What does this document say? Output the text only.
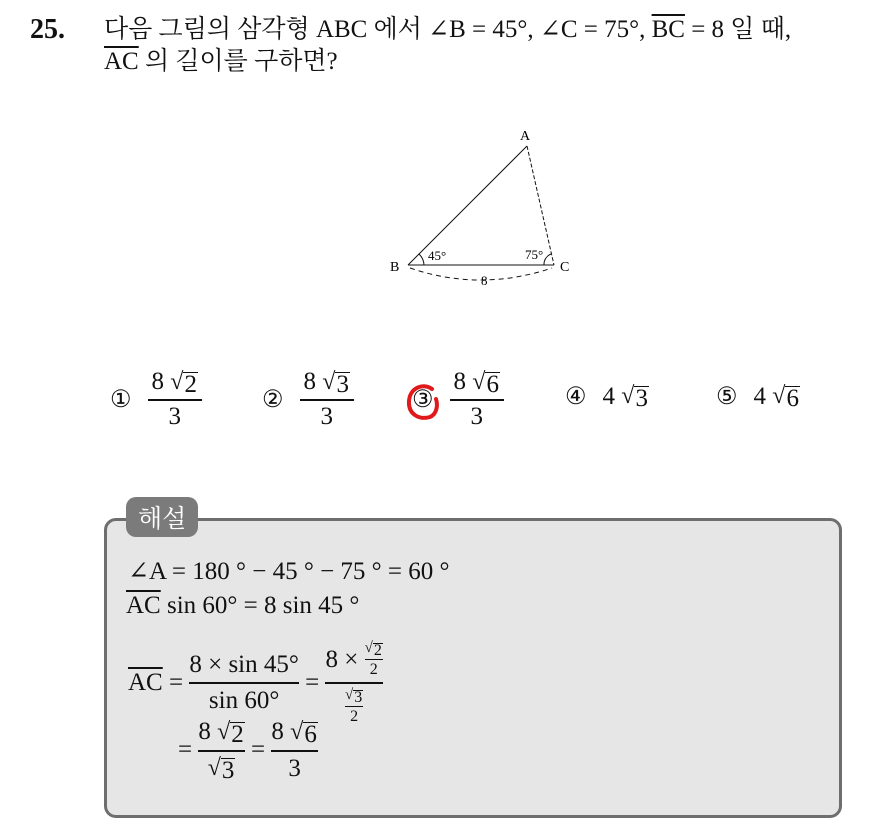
25. 다음 그림의 삼각형 ABC 에서 ∠B = 45°, ∠C = 75°, $\overline{BC} = 8$ 일 때,
$\overline{AC}$ 의 길이를 구하면?
A
B	C
45°	75°
8
① $\frac{8 √ 2}{3}$	② $\frac{8 √ 3}{3}$ ③ $\frac{8 √ 6}{3}$	④ 4
√ 3	⑤ 4
√ 6
해설
∠A = 180 ° − 45 ° − 75 ° = 60 °
$\overline{AC}$ sin 60° = 8 sin 45 °
$\overline{AC}$ =
8 × sin 45°
sin 60°
=
8 × √ 2
2
√ 3
2
=
8 √ 2
√ 3
=
8 √ 6
3
